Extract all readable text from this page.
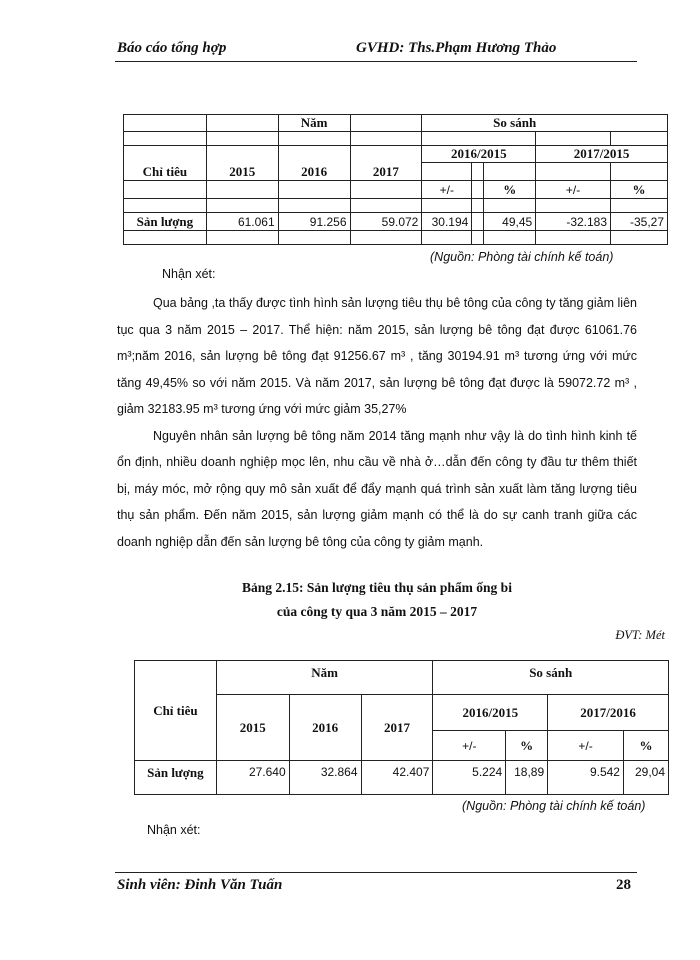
Báo cáo tổng hợp	GVHD: Ths.Phạm Hương Thảo
		Năm		So sánh				

Chỉ tiêu	2015	2016	2017	2016/2015			2017/2015	

				+/-		%	+/-	%

Sản lượng	61.061	91.256	59.072	30.194		49,45	-32.183	-35,27

(Nguồn: Phòng tài chính kế toán)
Nhận xét:

Qua bảng ,ta thấy được tình hình sản lượng tiêu thụ bê tông của công ty tăng giảm liên tục qua 3 năm 2015 – 2017. Thể hiện: năm 2015, sản lượng bê tông đạt được 61061.76 m³;năm 2016, sản lượng bê tông đạt 91256.67 m³ , tăng 30194.91 m³ tương ứng với mức tăng 49,45% so với năm 2015. Và năm 2017, sản lượng bê tông đạt được là 59072.72 m³ , giảm 32183.95 m³ tương ứng với mức giảm 35,27%

Nguyên nhân sản lượng bê tông năm 2014 tăng mạnh như vậy là do tình hình kinh tế ổn định, nhiều doanh nghiệp mọc lên, nhu cầu về nhà ở…dẫn đến công ty đầu tư thêm thiết bị, máy móc, mở rộng quy mô sản xuất để đẩy mạnh quá trình sản xuất làm tăng lượng tiêu thụ sản phẩm. Đến năm 2015, sản lượng giảm mạnh có thể là do sự canh tranh giữa các doanh nghiệp dẫn đến sản lượng bê tông của công ty giảm mạnh.

Bảng 2.15: Sản lượng tiêu thụ sản phẩm ống bi
của công ty qua 3 năm 2015 – 2017
ĐVT: Mét
Chỉ tiêu	Năm			So sánh			
	2015	2016	2017	2016/2015		2017/2016	
				+/-	%	+/-	%
Sản lượng	27.640	32.864	42.407	5.224	18,89	9.542	29,04
(Nguồn: Phòng tài chính kế toán)
Nhận xét:
Sinh viên: Đinh Văn Tuấn	28
